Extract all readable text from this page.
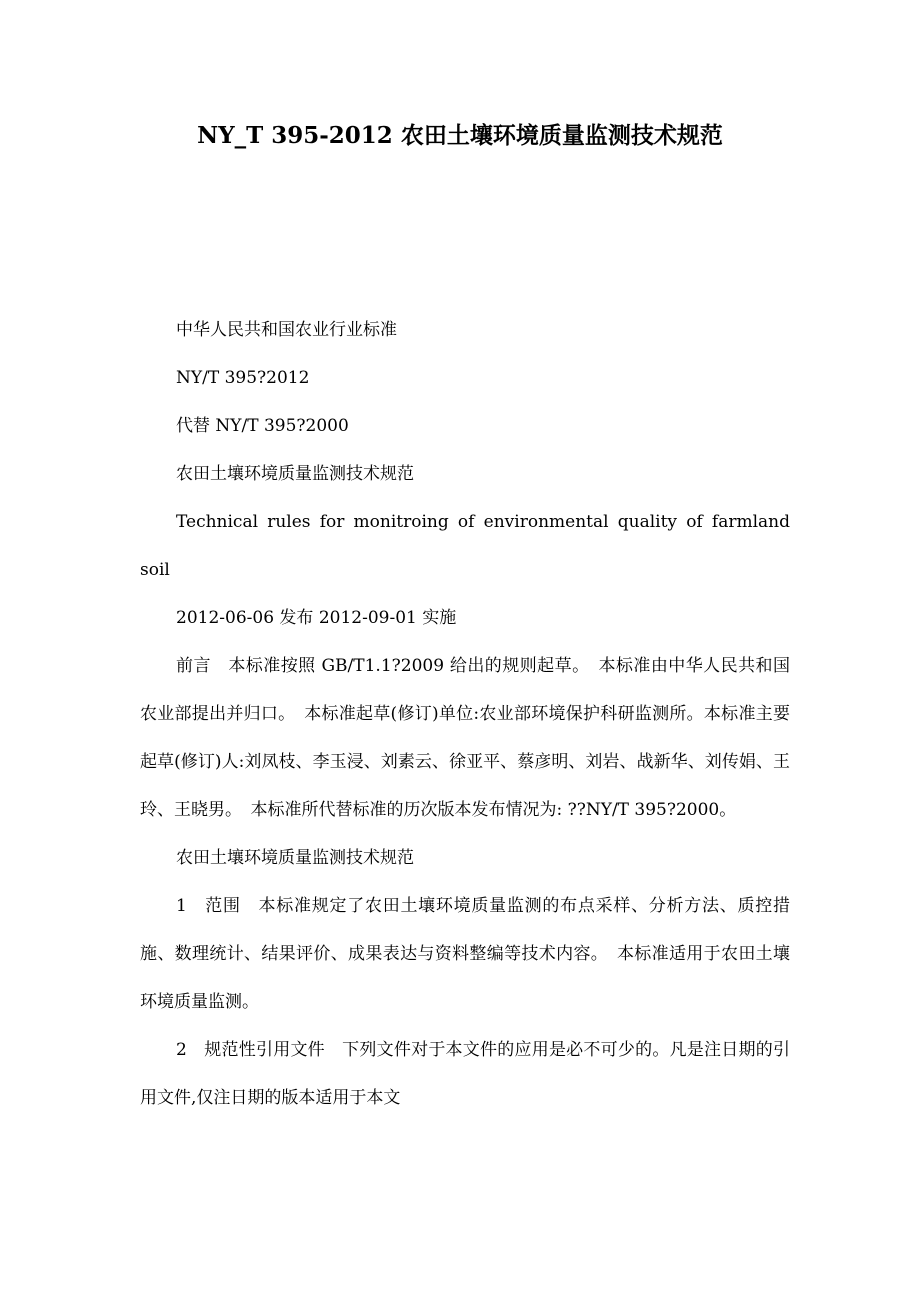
NY_T 395-2012 农田土壤环境质量监测技术规范

中华人民共和国农业行业标准

NY/T 395?2012

代替 NY/T 395?2000

农田土壤环境质量监测技术规范

Technical rules for monitroing of environmental quality of farmland soil

2012-06-06 发布 2012-09-01 实施

前言　本标准按照 GB/T1.1?2009 给出的规则起草。　本标准由中华人民共和国农业部提出并归口。　本标准起草(修订)单位:农业部环境保护科研监测所。本标准主要起草(修订)人:刘凤枝、李玉浸、刘素云、徐亚平、蔡彦明、刘岩、战新华、刘传娟、王玲、王晓男。　本标准所代替标准的历次版本发布情况为: ??NY/T 395?2000。

农田土壤环境质量监测技术规范

1　范围　本标准规定了农田土壤环境质量监测的布点采样、分析方法、质控措施、数理统计、结果评价、成果表达与资料整编等技术内容。　本标准适用于农田土壤环境质量监测。

2　规范性引用文件　下列文件对于本文件的应用是必不可少的。凡是注日期的引用文件,仅注日期的版本适用于本文
